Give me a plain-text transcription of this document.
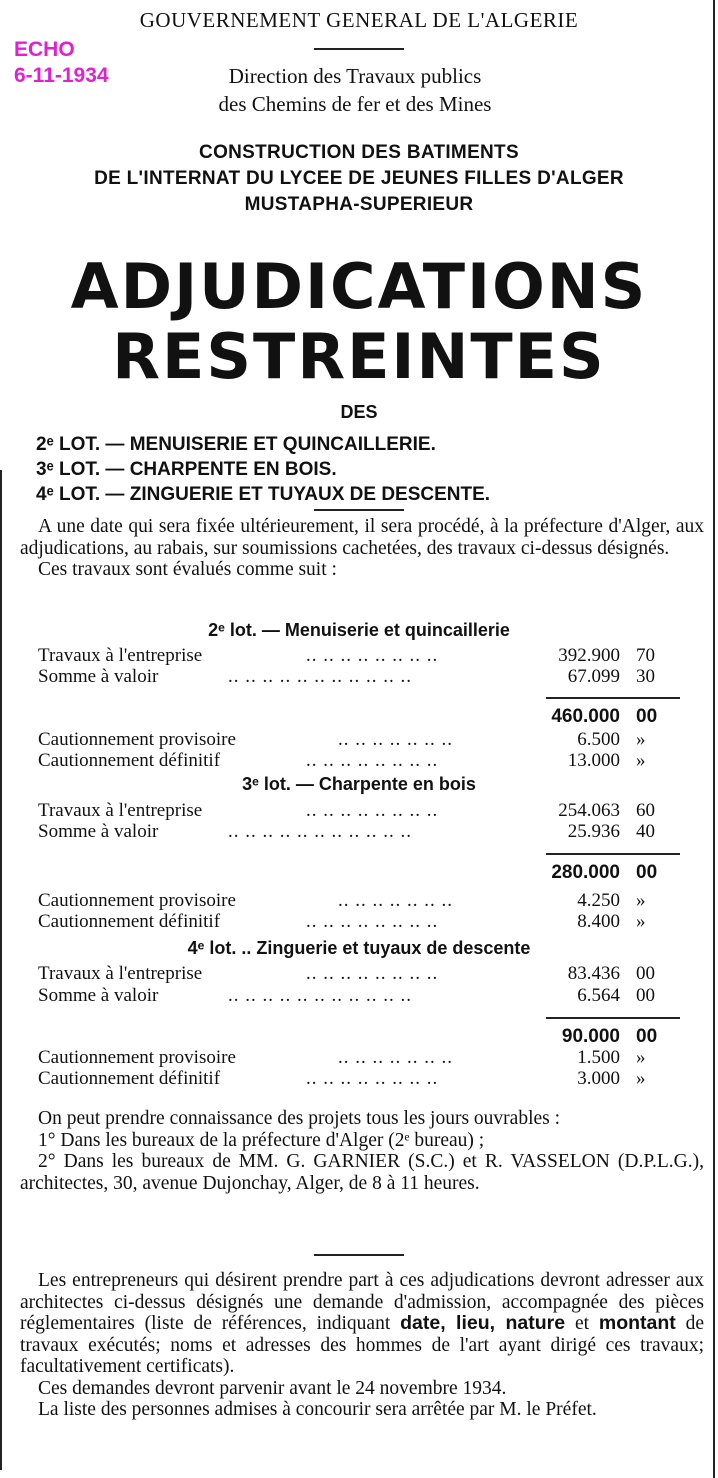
ECHO
6-11-1934
GOUVERNEMENT GENERAL DE L'ALGERIE
Direction des Travaux publics
des Chemins de fer et des Mines
CONSTRUCTION DES BATIMENTS
DE L'INTERNAT DU LYCEE DE JEUNES FILLES D'ALGER
MUSTAPHA-SUPERIEUR
ADJUDICATIONS
RESTREINTES
DES
2ᵉ LOT. — MENUISERIE ET QUINCAILLERIE.
3ᵉ LOT. — CHARPENTE EN BOIS.
4ᵉ LOT. — ZINGUERIE ET TUYAUX DE DESCENTE.

A une date qui sera fixée ultérieurement, il sera procédé, à la préfecture d'Alger, aux adjudications, au rabais, sur soumissions cachetées, des travaux ci-dessus désignés.

Ces travaux sont évalués comme suit :

2ᵉ lot. — Menuiserie et quincaillerie
Travaux à l'entreprise	.. .. .. .. .. .. .. ..	392.900 70
Somme à valoir	.. .. .. .. .. .. .. .. .. .. ..	67.099 30
460.000 00
Cautionnement provisoire	.. .. .. .. .. .. ..	6.500 »
Cautionnement définitif	.. .. .. .. .. .. .. ..	13.000 »
3ᵉ lot. — Charpente en bois
Travaux à l'entreprise	.. .. .. .. .. .. .. ..	254.063 60
Somme à valoir	.. .. .. .. .. .. .. .. .. .. ..	25.936 40
280.000 00
Cautionnement provisoire	.. .. .. .. .. .. ..	4.250 »
Cautionnement définitif	.. .. .. .. .. .. .. ..	8.400 »
4ᵉ lot. .. Zinguerie et tuyaux de descente
Travaux à l'entreprise	.. .. .. .. .. .. .. ..	83.436 00
Somme à valoir	.. .. .. .. .. .. .. .. .. .. ..	6.564 00
90.000 00
Cautionnement provisoire	.. .. .. .. .. .. ..	1.500 »
Cautionnement définitif	.. .. .. .. .. .. .. ..	3.000 »

On peut prendre connaissance des projets tous les jours ouvrables :

1° Dans les bureaux de la préfecture d'Alger (2ᵉ bureau) ;

2° Dans les bureaux de MM. G. GARNIER (S.C.) et R. VASSELON (D.P.L.G.), architectes, 30, avenue Dujonchay, Alger, de 8 à 11 heures.

Les entrepreneurs qui désirent prendre part à ces adjudications devront adresser aux architectes ci-dessus désignés une demande d'admission, accompagnée des pièces réglementaires (liste de références, indiquant date, lieu, nature et montant de travaux exécutés; noms et adresses des hommes de l'art ayant dirigé ces travaux; facultativement certificats).

Ces demandes devront parvenir avant le 24 novembre 1934.

La liste des personnes admises à concourir sera arrêtée par M. le Préfet.
